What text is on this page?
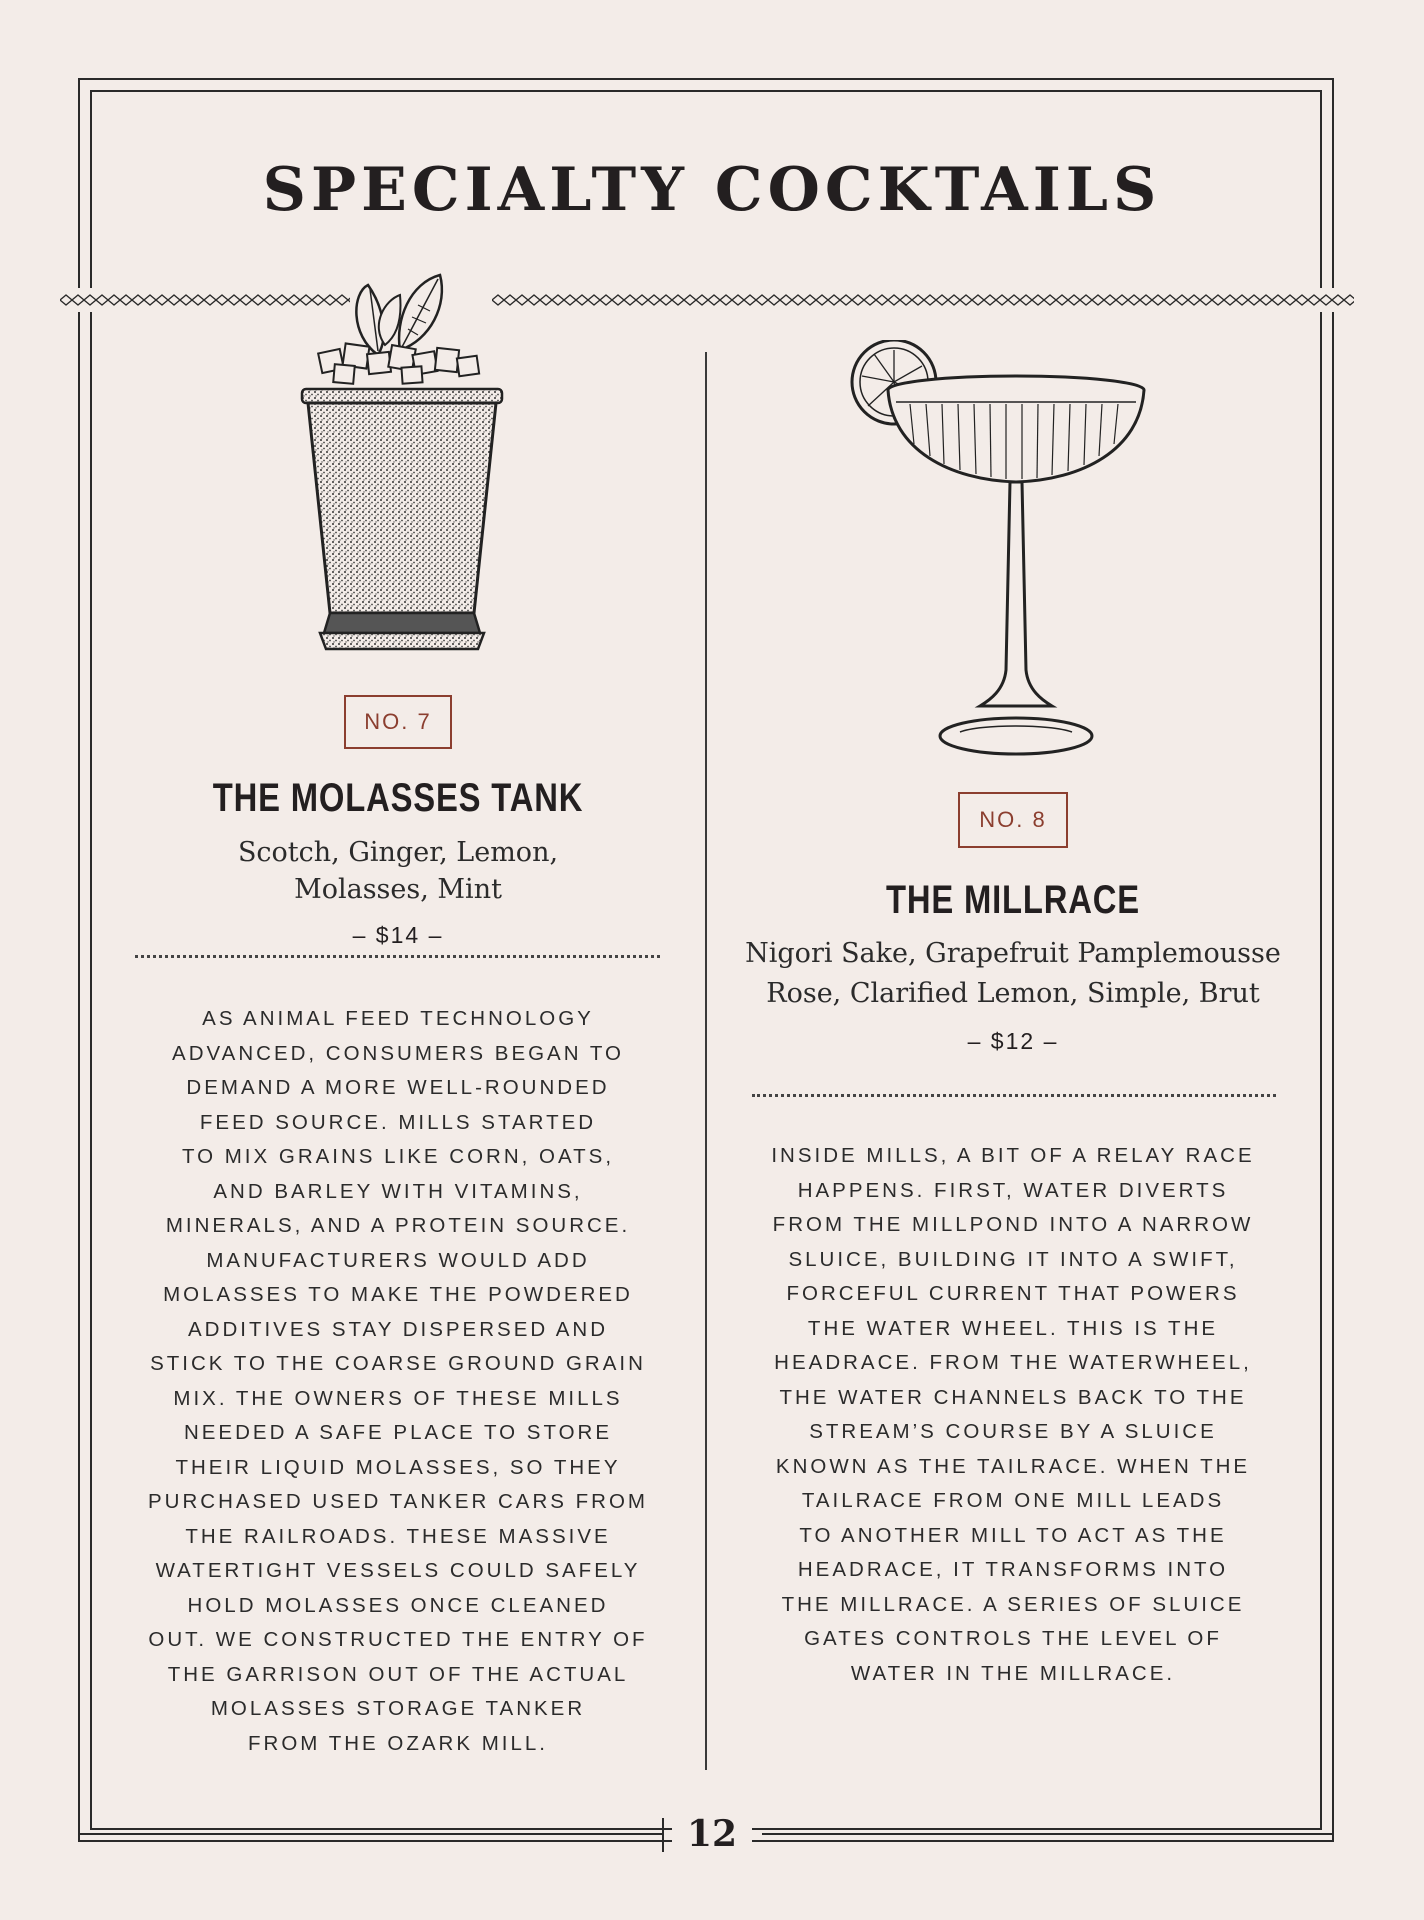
SPECIALTY COCKTAILS
NO. 7
THE MOLASSES TANK
Scotch, Ginger, Lemon,
Molasses, Mint
– $14 –
AS ANIMAL FEED TECHNOLOGY
ADVANCED, CONSUMERS BEGAN TO
DEMAND A MORE WELL-ROUNDED
FEED SOURCE. MILLS STARTED
TO MIX GRAINS LIKE CORN, OATS,
AND BARLEY WITH VITAMINS,
MINERALS, AND A PROTEIN SOURCE.
MANUFACTURERS WOULD ADD
MOLASSES TO MAKE THE POWDERED
ADDITIVES STAY DISPERSED AND
STICK TO THE COARSE GROUND GRAIN
MIX. THE OWNERS OF THESE MILLS
NEEDED A SAFE PLACE TO STORE
THEIR LIQUID MOLASSES, SO THEY
PURCHASED USED TANKER CARS FROM
THE RAILROADS. THESE MASSIVE
WATERTIGHT VESSELS COULD SAFELY
HOLD MOLASSES ONCE CLEANED
OUT. WE CONSTRUCTED THE ENTRY OF
THE GARRISON OUT OF THE ACTUAL
MOLASSES STORAGE TANKER
FROM THE OZARK MILL.
NO. 8
THE MILLRACE
Nigori Sake, Grapefruit Pamplemousse
Rose, Clarified Lemon, Simple, Brut
– $12 –
INSIDE MILLS, A BIT OF A RELAY RACE
HAPPENS. FIRST, WATER DIVERTS
FROM THE MILLPOND INTO A NARROW
SLUICE, BUILDING IT INTO A SWIFT,
FORCEFUL CURRENT THAT POWERS
THE WATER WHEEL. THIS IS THE
HEADRACE. FROM THE WATERWHEEL,
THE WATER CHANNELS BACK TO THE
STREAM’S COURSE BY A SLUICE
KNOWN AS THE TAILRACE. WHEN THE
TAILRACE FROM ONE MILL LEADS
TO ANOTHER MILL TO ACT AS THE
HEADRACE, IT TRANSFORMS INTO
THE MILLRACE. A SERIES OF SLUICE
GATES CONTROLS THE LEVEL OF
WATER IN THE MILLRACE.
12
